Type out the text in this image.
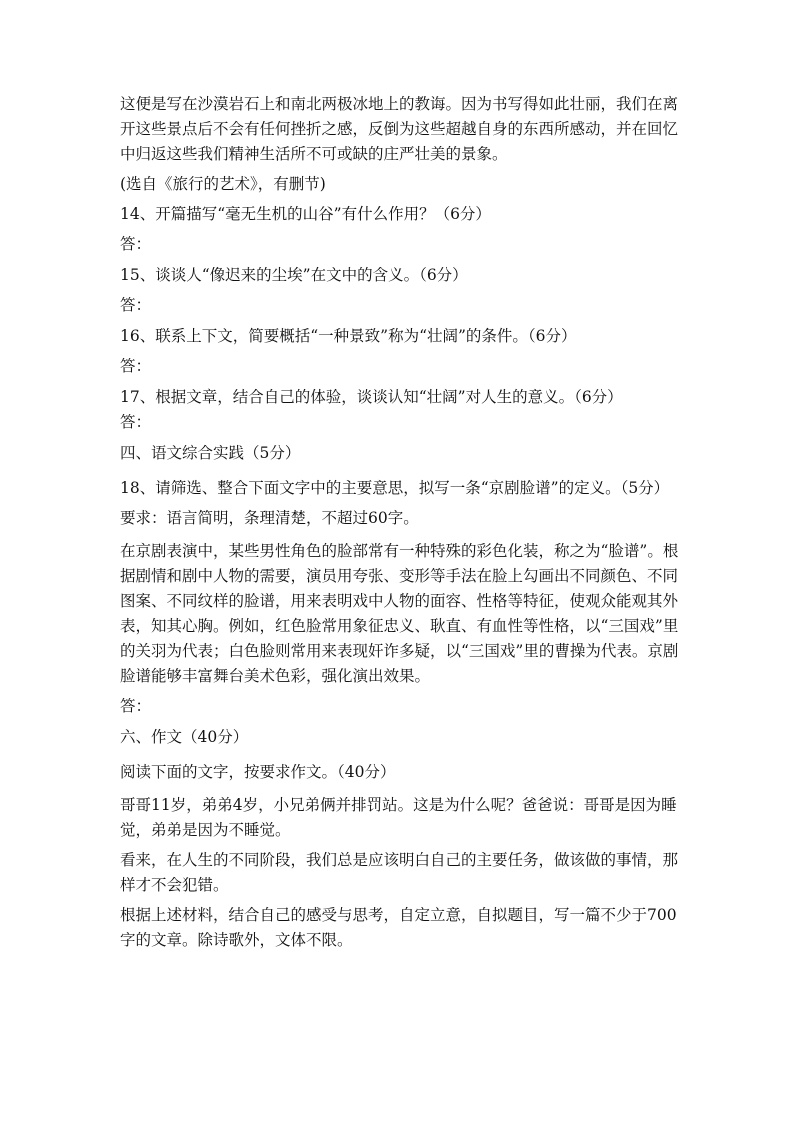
这便是写在沙漠岩石上和南北两极冰地上的教诲。因为书写得如此壮丽，我们在离开这些景点后不会有任何挫折之感，反倒为这些超越自身的东西所感动，并在回忆中归返这些我们精神生活所不可或缺的庄严壮美的景象。

(选自《旅行的艺术》，有删节)

14、开篇描写“毫无生机的山谷”有什么作用？（6分）

答：

15、谈谈人“像迟来的尘埃”在文中的含义。（6分）

答：

16、联系上下文，简要概括“一种景致”称为“壮阔”的条件。（6分）

答：

17、根据文章，结合自己的体验，谈谈认知“壮阔”对人生的意义。（6分）

答：

四、语文综合实践（5分）

18、请筛选、整合下面文字中的主要意思，拟写一条“京剧脸谱”的定义。（5分）

要求：语言简明，条理清楚，不超过60字。

在京剧表演中，某些男性角色的脸部常有一种特殊的彩色化装，称之为“脸谱”。根据剧情和剧中人物的需要，演员用夸张、变形等手法在脸上勾画出不同颜色、不同图案、不同纹样的脸谱，用来表明戏中人物的面容、性格等特征，使观众能观其外表，知其心胸。例如，红色脸常用象征忠义、耿直、有血性等性格，以“三国戏”里的关羽为代表；白色脸则常用来表现奸诈多疑，以“三国戏”里的曹操为代表。京剧脸谱能够丰富舞台美术色彩，强化演出效果。

答：

六、作文（40分）

阅读下面的文字，按要求作文。（40分）

哥哥11岁，弟弟4岁，小兄弟俩并排罚站。这是为什么呢？爸爸说：哥哥是因为睡觉，弟弟是因为不睡觉。

看来，在人生的不同阶段，我们总是应该明白自己的主要任务，做该做的事情，那样才不会犯错。

根据上述材料，结合自己的感受与思考，自定立意，自拟题目，写一篇不少于700字的文章。除诗歌外，文体不限。
